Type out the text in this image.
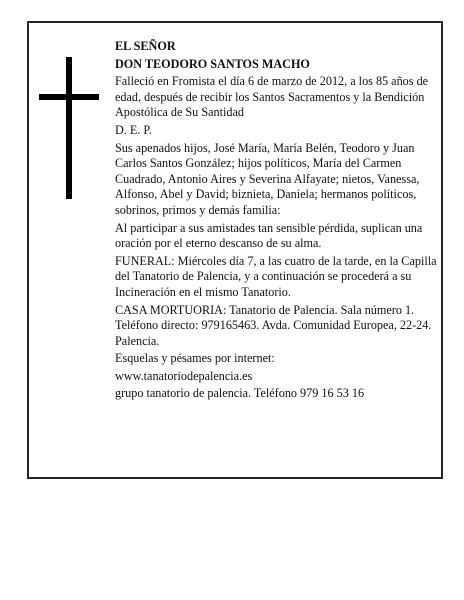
EL SEÑOR

DON TEODORO SANTOS MACHO

Falleció en Fromista el día 6 de marzo de 2012, a los 85 años de edad, después de recibir los Santos Sacramentos y la Bendición Apostólica de Su Santidad

D. E. P.

Sus apenados hijos, José María, María Belén, Teodoro y Juan Carlos Santos González; hijos políticos, María del Carmen Cuadrado, Antonio Aires y Severina Alfayate; nietos, Vanessa, Alfonso, Abel y David; biznieta, Daniela; hermanos políticos, sobrinos, primos y demás familia:

Al participar a sus amistades tan sensible pérdida, suplican una oración por el eterno descanso de su alma.

FUNERAL: Miércoles día 7, a las cuatro de la tarde, en la Capilla del Tanatorio de Palencia, y a continuación se procederá a su Incineración en el mismo Tanatorio.

CASA MORTUORIA: Tanatorio de Palencia. Sala número 1. Teléfono directo: 979165463. Avda. Comunidad Europea, 22-24. Palencia.

Esquelas y pésames por internet:

www.tanatoriodepalencia.es

grupo tanatorio de palencia. Teléfono 979 16 53 16
